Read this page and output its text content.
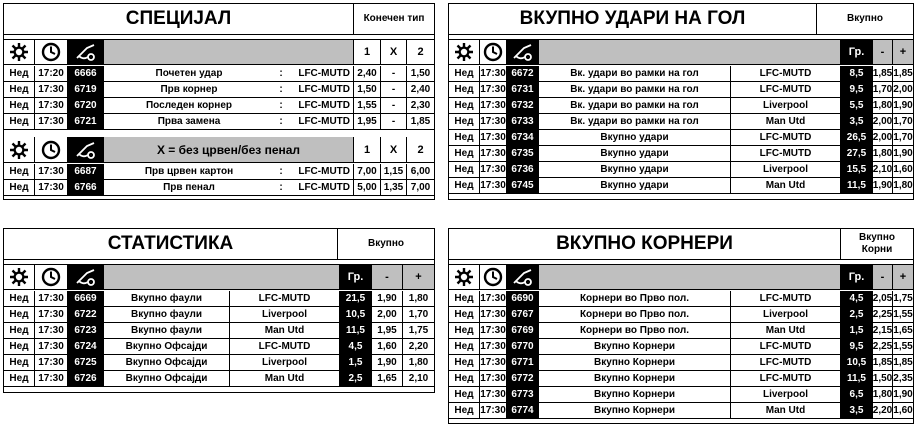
СПЕЦИЈАЛ	Конечен тип
1	X	2
Нед 17:20	6666	Почетен удар	:	LFC-MUTD 2,40	-	1,50
Нед 17:30	6719	Прв корнер	:	LFC-MUTD 1,50	-	2,40
Нед 17:30	6720	Последен корнер	:	LFC-MUTD 1,55	-	2,30
Нед 17:30	6721	Прва замена	:	LFC-MUTD 1,95	-	1,85
X = без црвен/без пенал	1	X	2
Нед 17:30	6687	Прв црвен картон	:	LFC-MUTD 7,00 1,15 6,00
Нед 17:30	6766	Прв пенал	:	LFC-MUTD 5,00 1,35 7,00
ВКУПНО УДАРИ НА ГОЛ	Вкупно
Гр.	-	+
Нед 17:30 6672	Вк. удари во рамки на гол	LFC-MUTD	8,5 1,85 1,85
Нед 17:30 6731	Вк. удари во рамки на гол	LFC-MUTD	9,5 1,70 2,00
Нед 17:30 6732	Вк. удари во рамки на гол	Liverpool	5,5 1,80 1,90
Нед 17:30 6733	Вк. удари во рамки на гол	Man Utd	3,5 2,00 1,70
Нед 17:30 6734	Вкупно удари	LFC-MUTD	26,5 2,00 1,70
Нед 17:30 6735	Вкупно удари	LFC-MUTD	27,5 1,80 1,90
Нед 17:30 6736	Вкупно удари	Liverpool	15,5 2,10 1,60
Нед 17:30 6745	Вкупно удари	Man Utd	11,5 1,90 1,80
СТАТИСТИКА	Вкупно
Гр.	-	+
Нед 17:30	6669	Вкупно фаули	LFC-MUTD	21,5	1,90	1,80
Нед 17:30	6722	Вкупно фаули	Liverpool	10,5	2,00	1,70
Нед 17:30	6723	Вкупно фаули	Man Utd	11,5	1,95	1,75
Нед 17:30	6724	Вкупно Офсајди	LFC-MUTD	4,5	1,60	2,20
Нед 17:30	6725	Вкупно Офсајди	Liverpool	1,5	1,90	1,80
Нед 17:30	6726	Вкупно Офсајди	Man Utd	2,5	1,65	2,10
ВКУПНО КОРНЕРИ	Вкупно
Корни
Гр.	-	+
Нед 17:30 6690	Корнери во Прво пол.	LFC-MUTD	4,5 2,05 1,75
Нед 17:30 6767	Корнери во Прво пол.	Liverpool	2,5 2,25 1,55
Нед 17:30 6769	Корнери во Прво пол.	Man Utd	1,5 2,15 1,65
Нед 17:30 6770	Вкупно Корнери	LFC-MUTD	9,5 2,25 1,55
Нед 17:30 6771	Вкупно Корнери	LFC-MUTD	10,5 1,85 1,85
Нед 17:30 6772	Вкупно Корнери	LFC-MUTD	11,5 1,50 2,35
Нед 17:30 6773	Вкупно Корнери	Liverpool	6,5 1,80 1,90
Нед 17:30 6774	Вкупно Корнери	Man Utd	3,5 2,20 1,60
